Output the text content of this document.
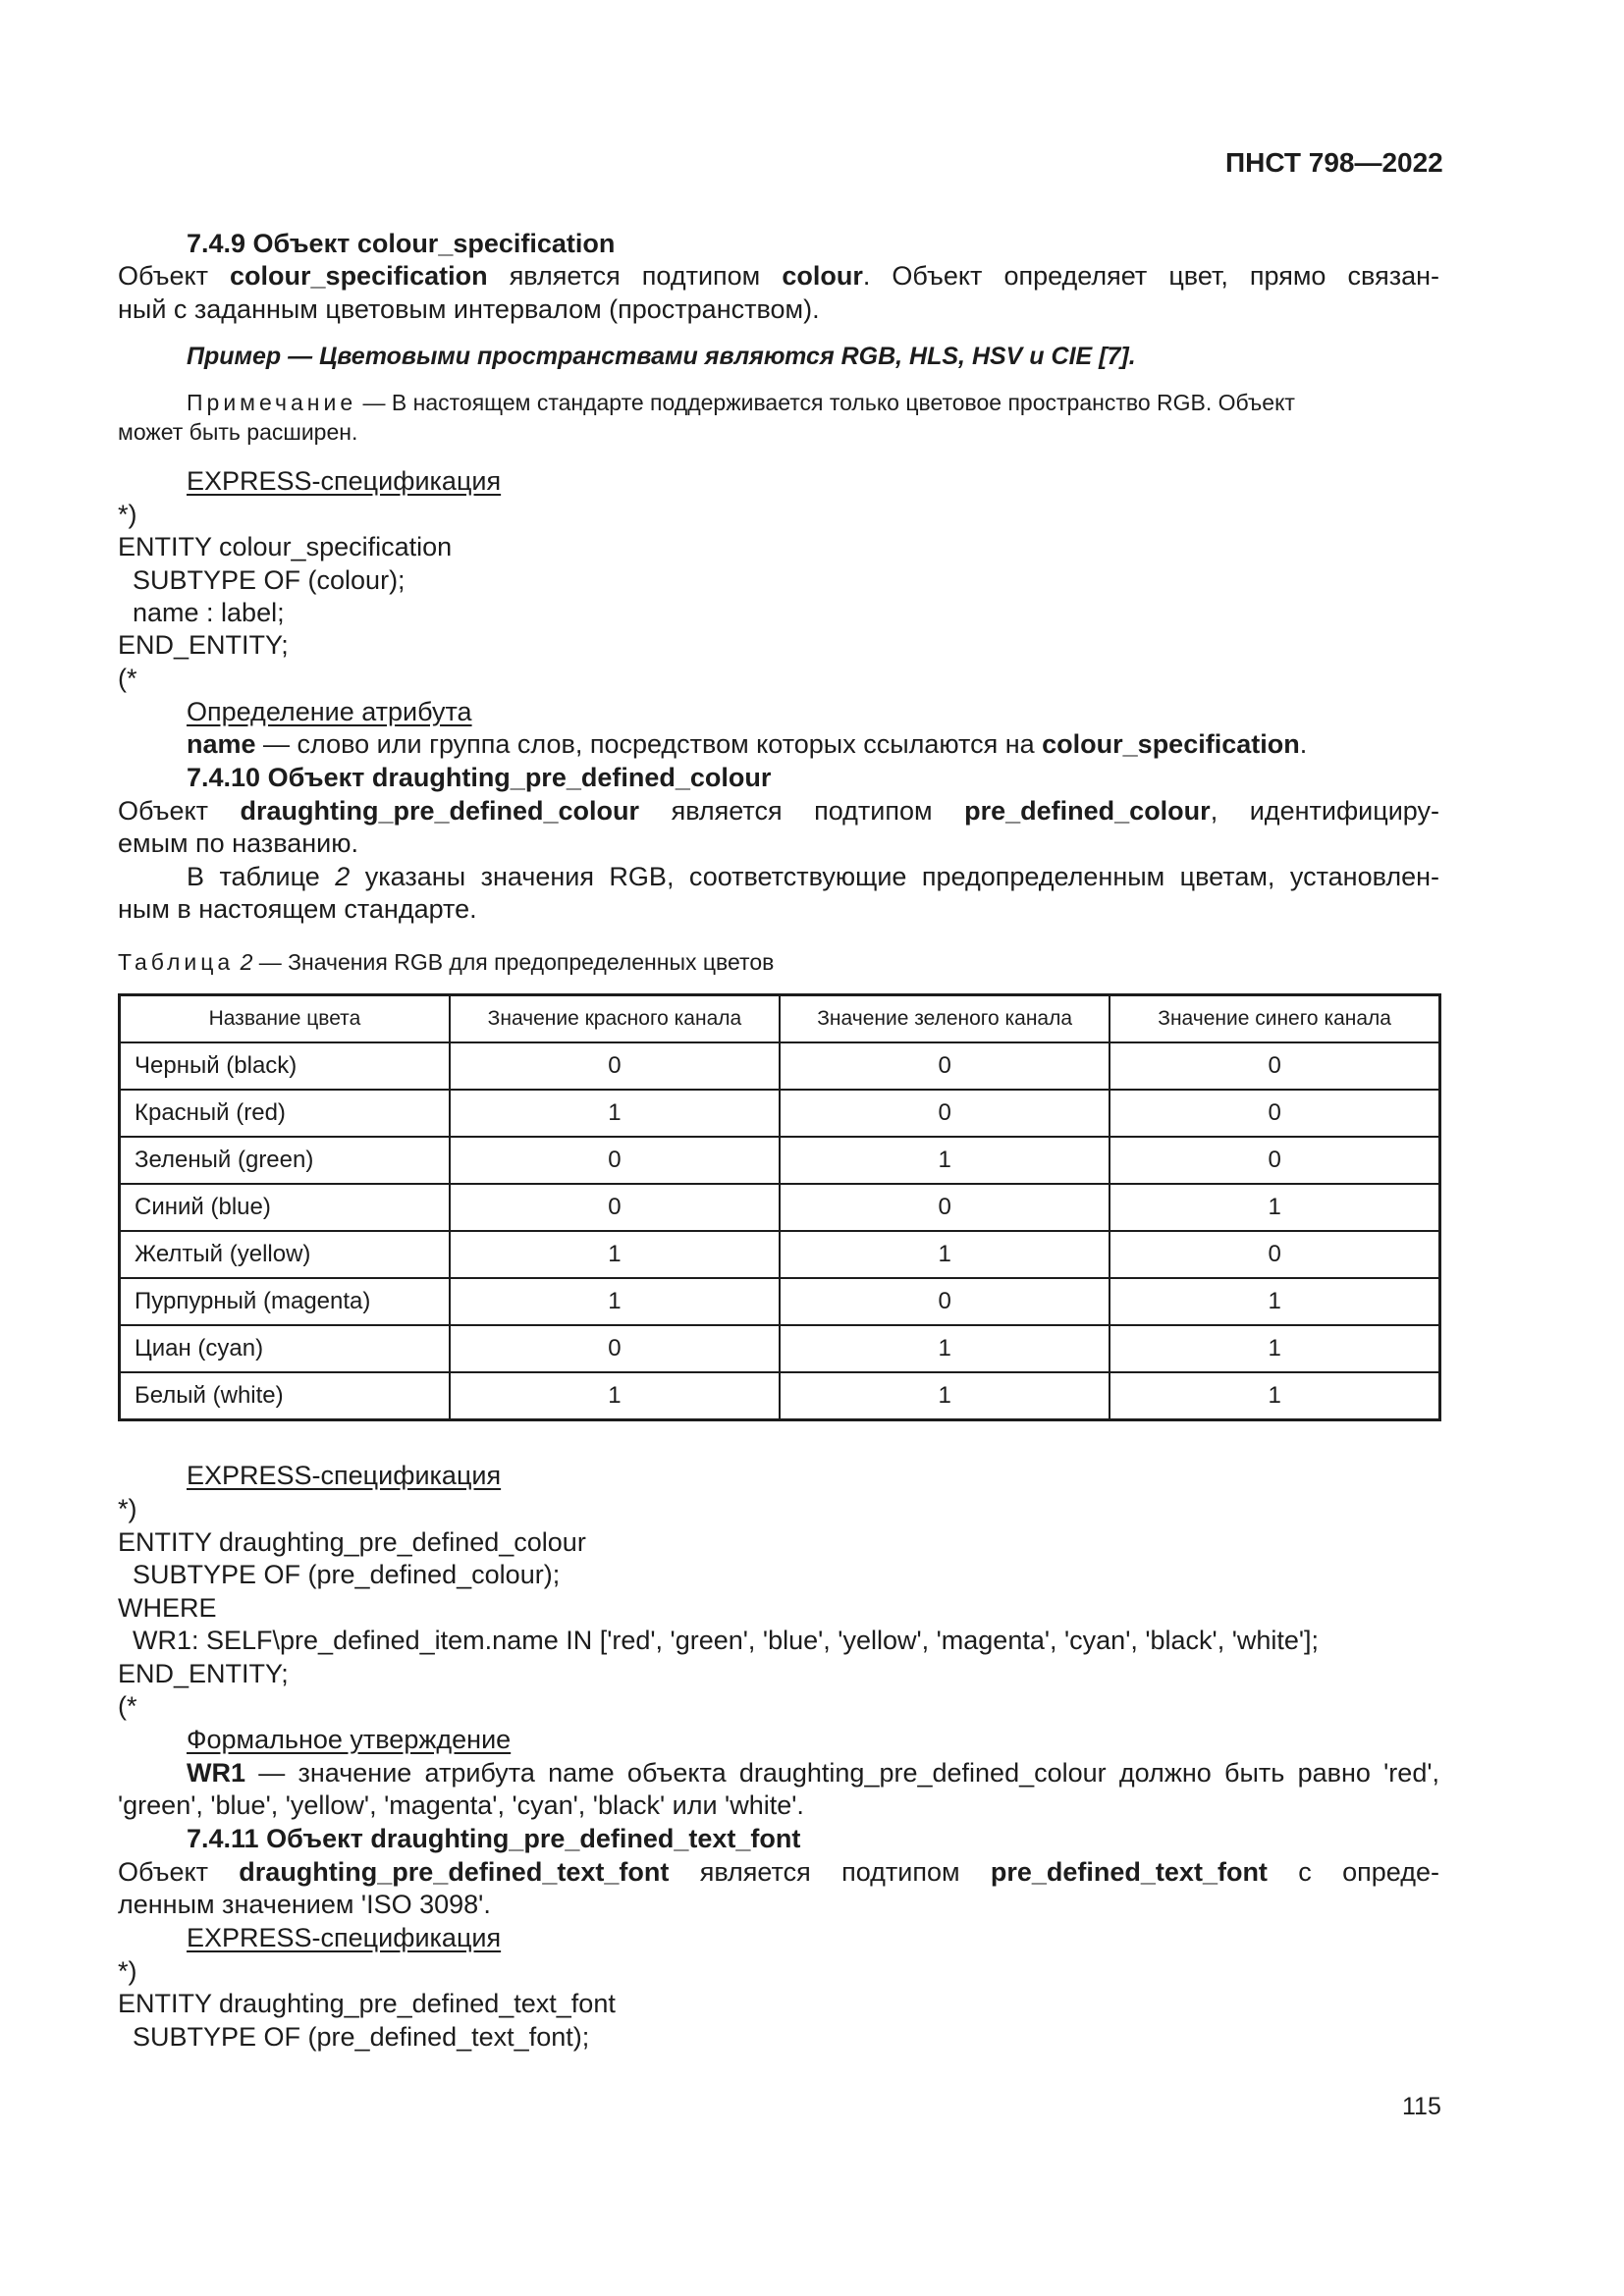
ПНСТ 798—2022
7.4.9 Объект colour_specification
Объект colour_specification является подтипом colour. Объект определяет цвет, прямо связан-
ный с заданным цветовым интервалом (пространством).
Пример — Цветовыми пространствами являются RGB, HLS, HSV и CIE [7].
Примечание — В настоящем стандарте поддерживается только цветовое пространство RGB. Объект
может быть расширен.
EXPRESS-спецификация
*)
ENTITY colour_specification
SUBTYPE OF (colour);
name : label;
END_ENTITY;
(*
Определение атрибута
name — слово или группа слов, посредством которых ссылаются на colour_specification.
7.4.10 Объект draughting_pre_defined_colour
Объект draughting_pre_defined_colour является подтипом pre_defined_colour, идентифициру-
емым по названию.
В таблице 2 указаны значения RGB, соответствующие предопределенным цветам, установлен-
ным в настоящем стандарте.
Таблица 2 — Значения RGB для предопределенных цветов
Название цвета	Значение красного канала	Значение зеленого канала	Значение синего канала
Черный (black)	0	0	0
Красный (red)	1	0	0
Зеленый (green)	0	1	0
Синий (blue)	0	0	1
Желтый (yellow)	1	1	0
Пурпурный (magenta)	1	0	1
Циан (cyan)	0	1	1
Белый (white)	1	1	1
EXPRESS-спецификация
*)
ENTITY draughting_pre_defined_colour
SUBTYPE OF (pre_defined_colour);
WHERE
WR1: SELF\pre_defined_item.name IN ['red', 'green', 'blue', 'yellow', 'magenta', 'cyan', 'black', 'white'];
END_ENTITY;
(*
Формальное утверждение
WR1 — значение атрибута name объекта draughting_pre_defined_colour должно быть равно 'red',
'green', 'blue', 'yellow', 'magenta', 'cyan', 'black' или 'white'.
7.4.11 Объект draughting_pre_defined_text_font
Объект draughting_pre_defined_text_font является подтипом pre_defined_text_font с опреде-
ленным значением 'ISO 3098'.
EXPRESS-спецификация
*)
ENTITY draughting_pre_defined_text_font
SUBTYPE OF (pre_defined_text_font);
115
